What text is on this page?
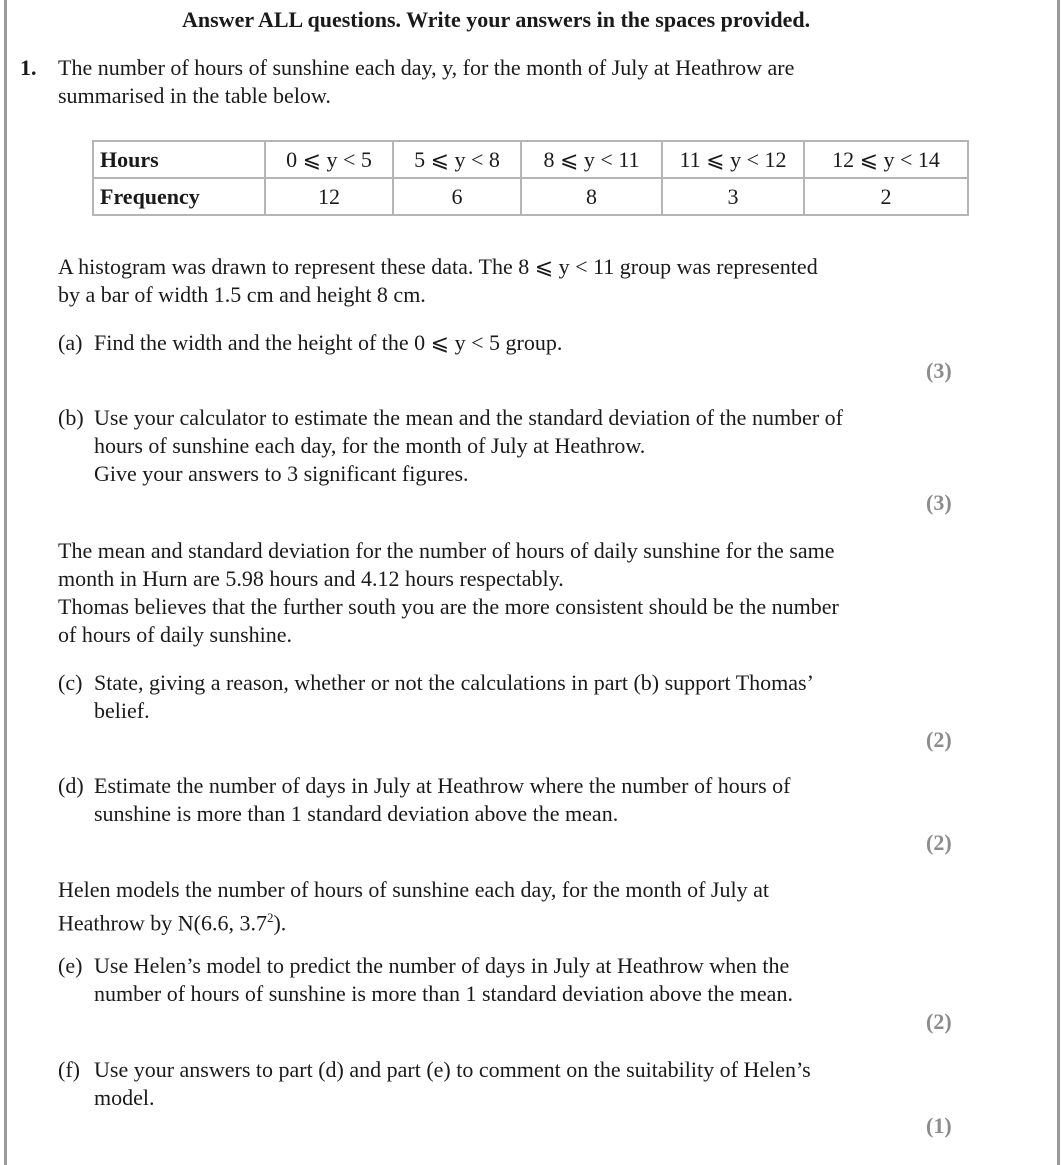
Answer ALL questions. Write your answers in the spaces provided.
1. The number of hours of sunshine each day, y, for the month of July at Heathrow are
summarised in the table below.
Hours	0 ⩽ y < 5	5 ⩽ y < 8	8 ⩽ y < 11	11 ⩽ y < 12	12 ⩽ y < 14
Frequency	12	6	8	3	2
A histogram was drawn to represent these data. The 8 ⩽ y < 11 group was represented
by a bar of width 1.5 cm and height 8 cm.
(a) Find the width and the height of the 0 ⩽ y < 5 group.
(3)
(b) Use your calculator to estimate the mean and the standard deviation of the number of
hours of sunshine each day, for the month of July at Heathrow.
Give your answers to 3 significant figures.
(3)
The mean and standard deviation for the number of hours of daily sunshine for the same
month in Hurn are 5.98 hours and 4.12 hours respectably.
Thomas believes that the further south you are the more consistent should be the number
of hours of daily sunshine.
(c) State, giving a reason, whether or not the calculations in part (b) support Thomas’
belief.
(2)
(d) Estimate the number of days in July at Heathrow where the number of hours of
sunshine is more than 1 standard deviation above the mean.
(2)
Helen models the number of hours of sunshine each day, for the month of July at
Heathrow by N(6.6, $3.7^2$).
(e) Use Helen’s model to predict the number of days in July at Heathrow when the
number of hours of sunshine is more than 1 standard deviation above the mean.
(2)
(f) Use your answers to part (d) and part (e) to comment on the suitability of Helen’s
model.
(1)
